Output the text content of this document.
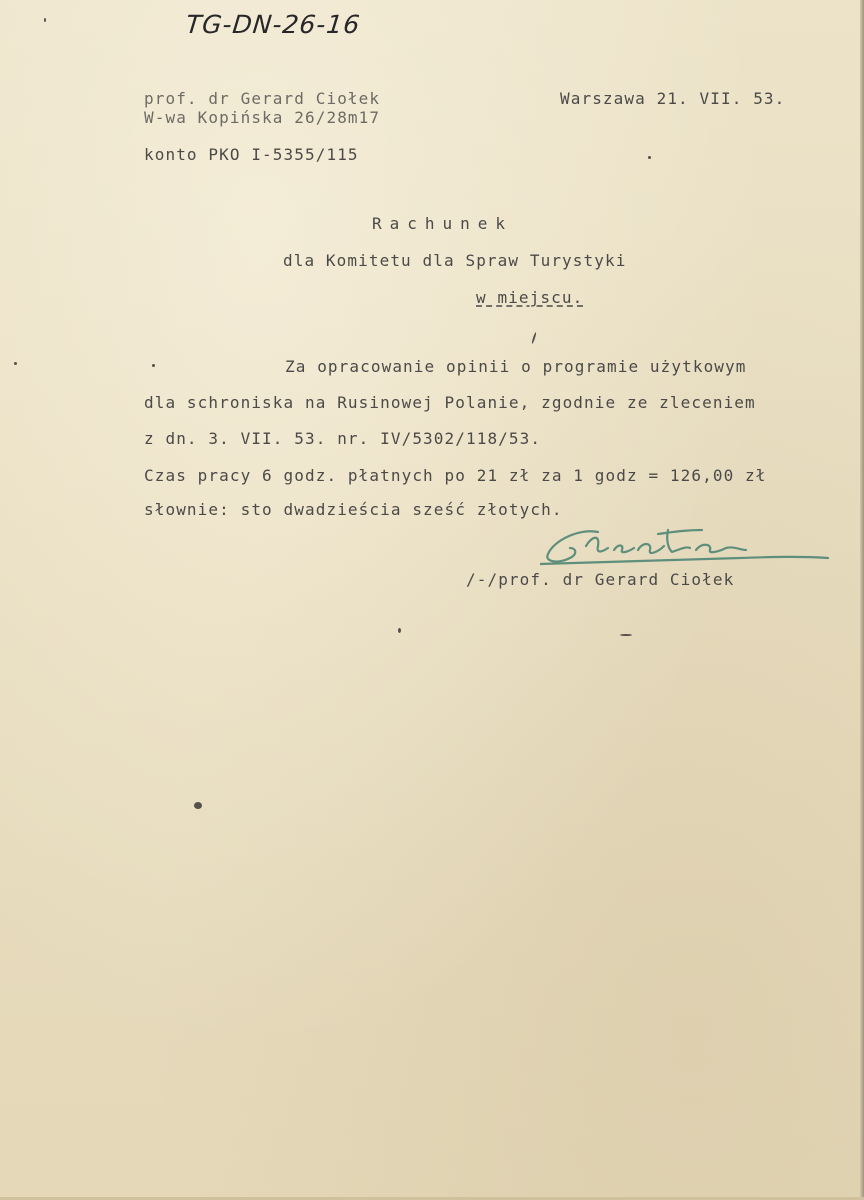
TG-DN-26-16

prof. dr Gerard Ciołek

W-wa Kopińska 26/28m17

konto PKO I-5355/115

Warszawa 21. VII. 53.

Rachunek

dla Komitetu dla Spraw Turystyki

w miejscu.

Za opracowanie opinii o programie użytkowym

dla schroniska na Rusinowej Polanie, zgodnie ze zleceniem

z dn. 3. VII. 53. nr. IV/5302/118/53.

Czas pracy 6 godz. płatnych po 21 zł za 1 godz = 126,00 zł

słownie: sto dwadzieścia sześć złotych.

/-/prof. dr Gerard Ciołek
